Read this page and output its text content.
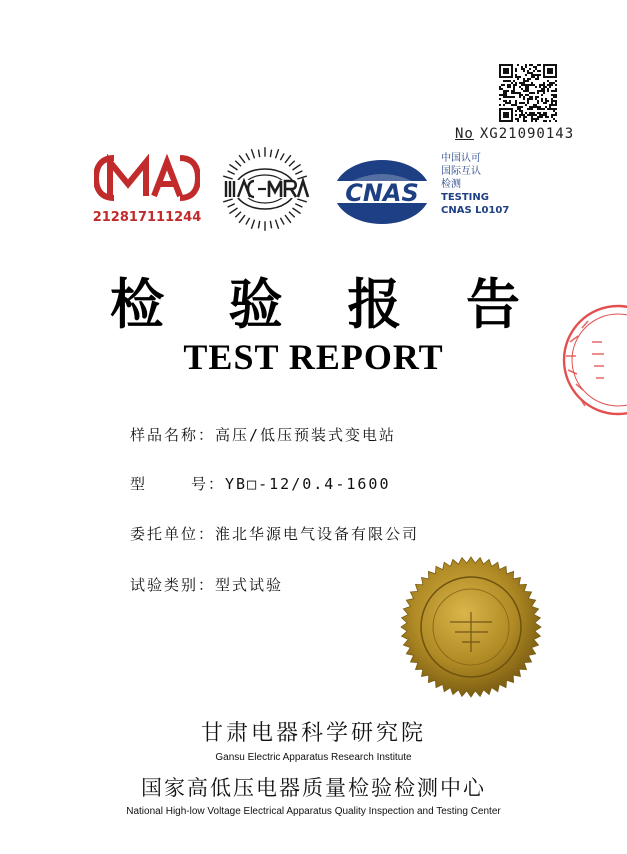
No XG21090143
212817111244
CNAS
中国认可
国际互认
检测
TESTING
CNAS L0107
检 验 报 告
TEST REPORT
样品名称：高压/低压预装式变电站
型	号：YB□-12/0.4-1600
委托单位：淮北华源电气设备有限公司
试验类别：型式试验
甘肃电器科学研究院
Gansu Electric Apparatus Research Institute
国家高低压电器质量检验检测中心
National High-low Voltage Electrical Apparatus Quality Inspection and Testing Center
